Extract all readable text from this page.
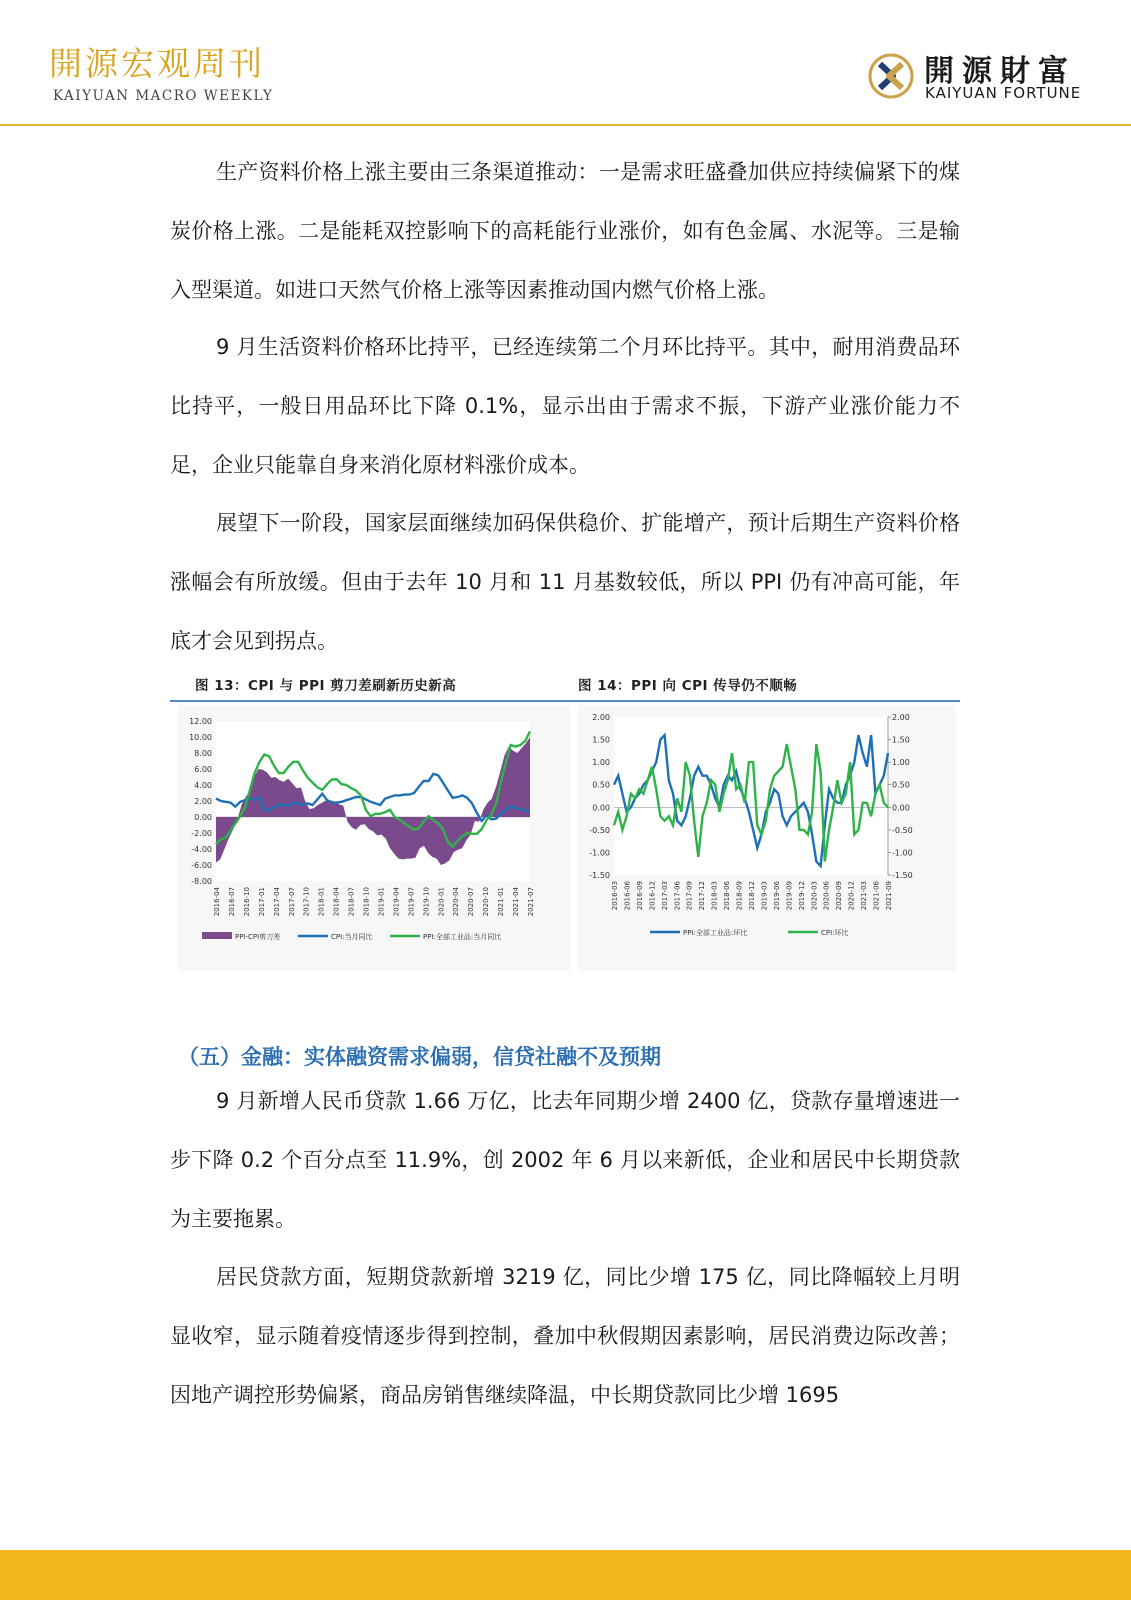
開源宏观周刊
KAIYUAN MACRO WEEKLY
開源財富
KAIYUAN FORTUNE

生产资料价格上涨主要由三条渠道推动：一是需求旺盛叠加供应持续偏紧下的煤炭价格上涨。二是能耗双控影响下的高耗能行业涨价，如有色金属、水泥等。三是输入型渠道。如进口天然气价格上涨等因素推动国内燃气价格上涨。

9 月生活资料价格环比持平，已经连续第二个月环比持平。其中，耐用消费品环比持平，一般日用品环比下降 0.1%，显示出由于需求不振，下游产业涨价能力不足，企业只能靠自身来消化原材料涨价成本。

展望下一阶段，国家层面继续加码保供稳价、扩能增产，预计后期生产资料价格涨幅会有所放缓。但由于去年 10 月和 11 月基数较低，所以 PPI 仍有冲高可能，年底才会见到拐点。

图 13：CPI 与 PPI 剪刀差刷新历史新高	图 14：PPI 向 CPI 传导仍不顺畅
12.00
10.00
8.00
6.00
4.00
2.00
0.00
-2.00
-4.00
-6.00
-8.00
2016-04 2016-07 2016-10 2017-01 2017-04 2017-07 2017-10 2018-01 2018-04 2018-07 2018-10 2019-01 2019-04 2019-07 2019-10 2020-01 2020-04 2020-07 2020-10 2021-01 2021-04 2021-07
PPI-CPI剪刀差	CPI:当月同比	PPI:全部工业品:当月同比
2.00	2.00
1.50	1.50
1.00	1.00
0.50	0.50
0.00	0.00
-0.50	-0.50
-1.00	-1.00
-1.50	-1.50
2016-03 2016-06 2016-09 2016-12 2017-03 2017-06 2017-09 2017-12 2018-03 2018-06 2018-09 2018-12 2019-03 2019-06 2019-09 2019-12 2020-03 2020-06 2020-09 2020-12 2021-03 2021-06 2021-09
PPI:全部工业品:环比	CPI:环比
（五）金融：实体融资需求偏弱，信贷社融不及预期

9 月新增人民币贷款 1.66 万亿，比去年同期少增 2400 亿，贷款存量增速进一步下降 0.2 个百分点至 11.9%，创 2002 年 6 月以来新低，企业和居民中长期贷款为主要拖累。

居民贷款方面，短期贷款新增 3219 亿，同比少增 175 亿，同比降幅较上月明显收窄，显示随着疫情逐步得到控制，叠加中秋假期因素影响，居民消费边际改善；因地产调控形势偏紧，商品房销售继续降温，中长期贷款同比少增 1695
